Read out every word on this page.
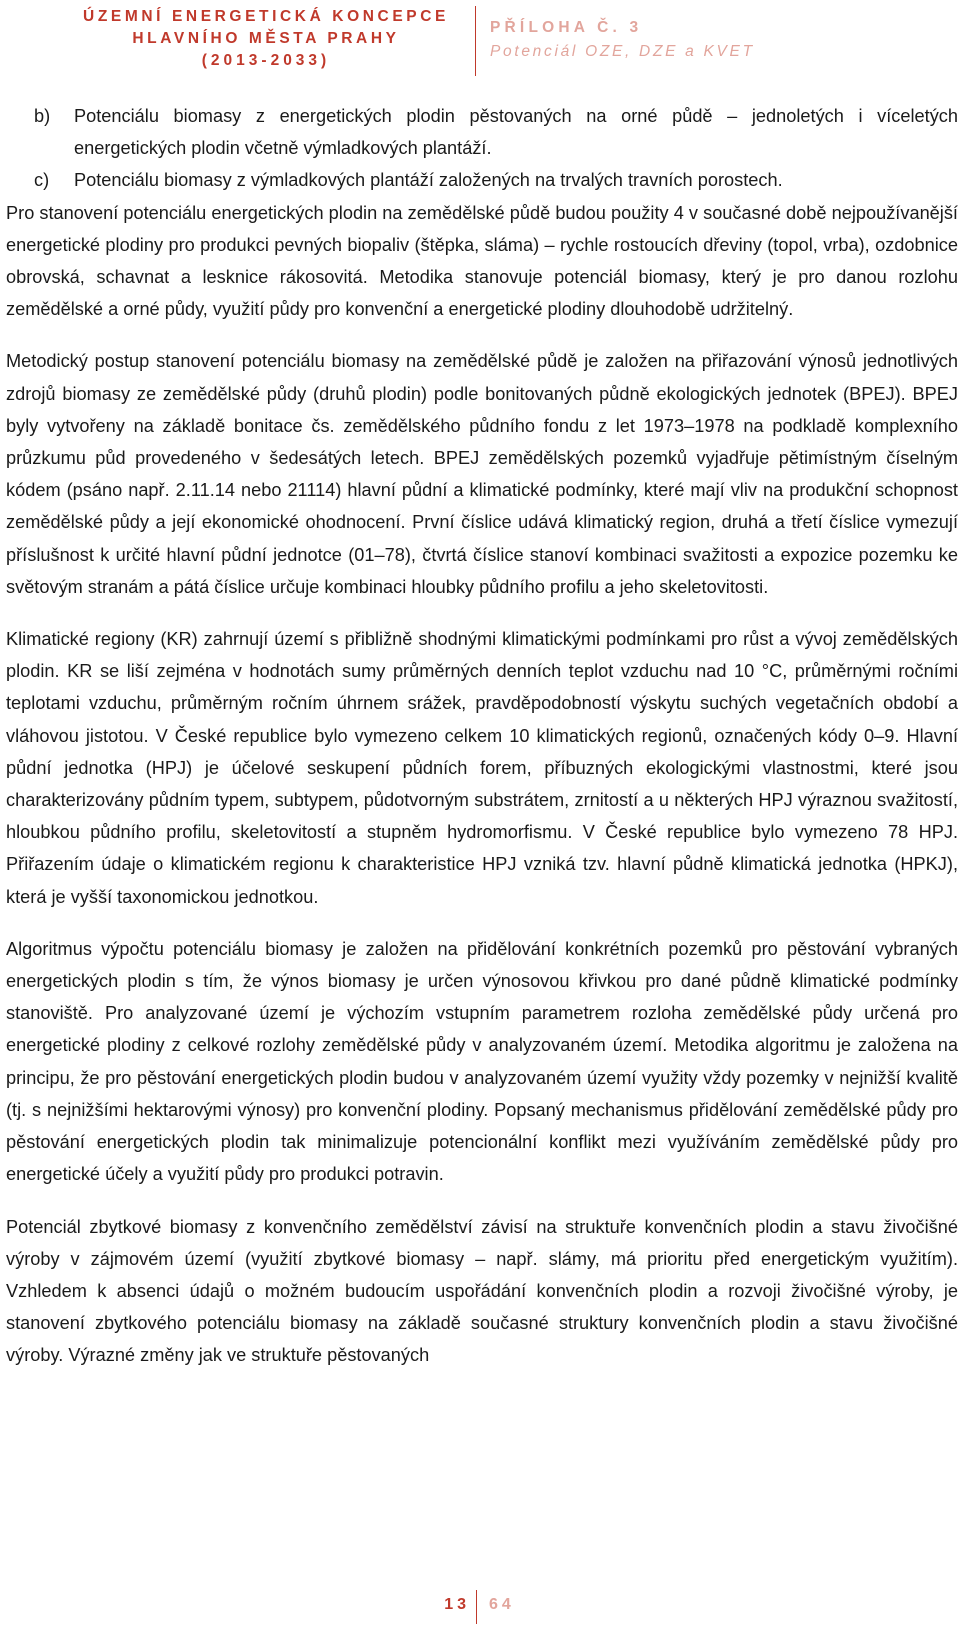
ÚZEMNÍ ENERGETICKÁ KONCEPCE
HLAVNÍHO MĚSTA PRAHY
(2013-2033)
PŘÍLOHA Č. 3
Potenciál OZE, DZE a KVET
b)	Potenciálu biomasy z energetických plodin pěstovaných na orné půdě – jednoletých i víceletých energetických plodin včetně výmladkových plantáží.
c)	Potenciálu biomasy z výmladkových plantáží založených na trvalých travních porostech.

Pro stanovení potenciálu energetických plodin na zemědělské půdě budou použity 4 v současné době nejpoužívanější energetické plodiny pro produkci pevných biopaliv (štěpka, sláma) – rychle rostoucích dřeviny (topol, vrba), ozdobnice obrovská, schavnat a lesknice rákosovitá. Metodika stanovuje potenciál biomasy, který je pro danou rozlohu zemědělské a orné půdy, využití půdy pro konvenční a energetické plodiny dlouhodobě udržitelný.

Metodický postup stanovení potenciálu biomasy na zemědělské půdě je založen na přiřazování výnosů jednotlivých zdrojů biomasy ze zemědělské půdy (druhů plodin) podle bonitovaných půdně ekologických jednotek (BPEJ). BPEJ byly vytvořeny na základě bonitace čs. zemědělského půdního fondu z let 1973–1978 na podkladě komplexního průzkumu půd provedeného v šedesátých letech. BPEJ zemědělských pozemků vyjadřuje pětimístným číselným kódem (psáno např. 2.11.14 nebo 21114) hlavní půdní a klimatické podmínky, které mají vliv na produkční schopnost zemědělské půdy a její ekonomické ohodnocení. První číslice udává klimatický region, druhá a třetí číslice vymezují příslušnost k určité hlavní půdní jednotce (01–78), čtvrtá číslice stanoví kombinaci svažitosti a expozice pozemku ke světovým stranám a pátá číslice určuje kombinaci hloubky půdního profilu a jeho skeletovitosti.

Klimatické regiony (KR) zahrnují území s přibližně shodnými klimatickými podmínkami pro růst a vývoj zemědělských plodin. KR se liší zejména v hodnotách sumy průměrných denních teplot vzduchu nad 10 °C, průměrnými ročními teplotami vzduchu, průměrným ročním úhrnem srážek, pravděpodobností výskytu suchých vegetačních období a vláhovou jistotou. V České republice bylo vymezeno celkem 10 klimatických regionů, označených kódy 0–9. Hlavní půdní jednotka (HPJ) je účelové seskupení půdních forem, příbuzných ekologickými vlastnostmi, které jsou charakterizovány půdním typem, subtypem, půdotvorným substrátem, zrnitostí a u některých HPJ výraznou svažitostí, hloubkou půdního profilu, skeletovitostí a stupněm hydromorfismu. V České republice bylo vymezeno 78 HPJ. Přiřazením údaje o klimatickém regionu k charakteristice HPJ vzniká tzv. hlavní půdně klimatická jednotka (HPKJ), která je vyšší taxonomickou jednotkou.

Algoritmus výpočtu potenciálu biomasy je založen na přidělování konkrétních pozemků pro pěstování vybraných energetických plodin s tím, že výnos biomasy je určen výnosovou křivkou pro dané půdně klimatické podmínky stanoviště. Pro analyzované území je výchozím vstupním parametrem rozloha zemědělské půdy určená pro energetické plodiny z celkové rozlohy zemědělské půdy v analyzovaném území. Metodika algoritmu je založena na principu, že pro pěstování energetických plodin budou v analyzovaném území využity vždy pozemky v nejnižší kvalitě (tj. s nejnižšími hektarovými výnosy) pro konvenční plodiny. Popsaný mechanismus přidělování zemědělské půdy pro pěstování energetických plodin tak minimalizuje potencionální konflikt mezi využíváním zemědělské půdy pro energetické účely a využití půdy pro produkci potravin.

Potenciál zbytkové biomasy z konvenčního zemědělství závisí na struktuře konvenčních plodin a stavu živočišné výroby v zájmovém území (využití zbytkové biomasy – např. slámy, má prioritu před energetickým využitím). Vzhledem k absenci údajů o možném budoucím uspořádání konvenčních plodin a rozvoji živočišné výroby, je stanovení zbytkového potenciálu biomasy na základě současné struktury konvenčních plodin a stavu živočišné výroby. Výrazné změny jak ve struktuře pěstovaných

13 64
